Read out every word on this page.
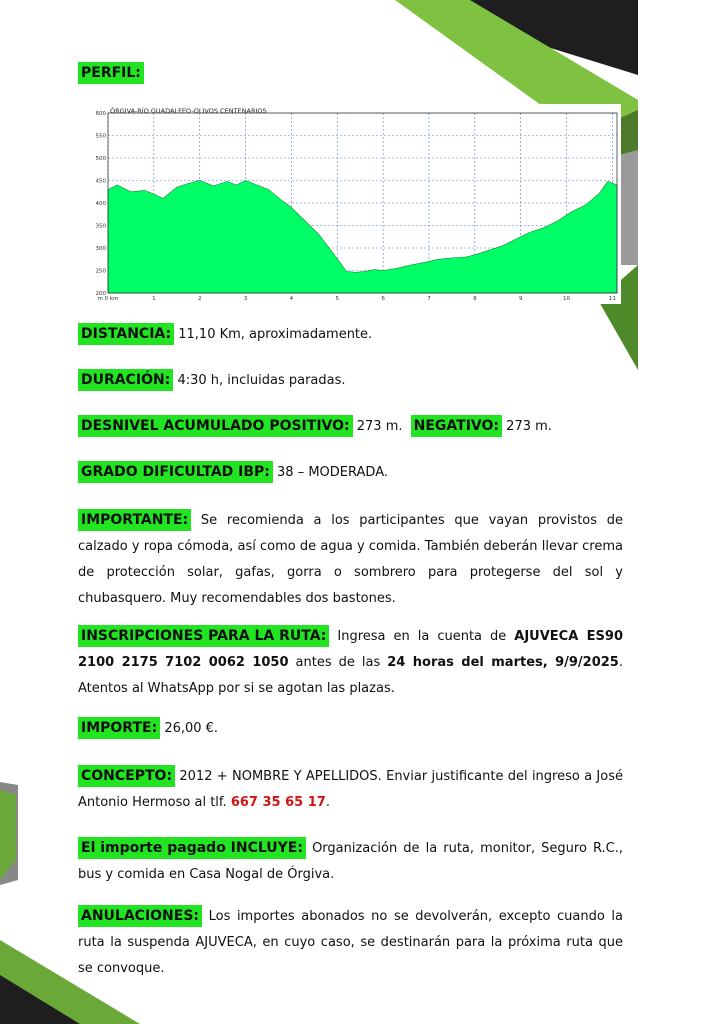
PERFIL:
ÓRGIVA-RÍO GUADALFEO-OLIVOS CENTENARIOS
200
250
300
350
400
450
500
550
600
m 0 km	1	2	3	4	5	6	7	8	9	10	11
DISTANCIA: 11,10 Km, aproximadamente.
DURACIÓN: 4:30 h, incluidas paradas.
DESNIVEL ACUMULADO POSITIVO: 273 m. NEGATIVO: 273 m.
GRADO DIFICULTAD IBP: 38 – MODERADA.
IMPORTANTE: Se recomienda a los participantes que vayan provistos de calzado y ropa cómoda, así como de agua y comida. También deberán llevar crema de protección solar, gafas, gorra o sombrero para protegerse del sol y chubasquero. Muy recomendables dos bastones.
INSCRIPCIONES PARA LA RUTA: Ingresa en la cuenta de AJUVECA ES90 2100 2175 7102 0062 1050 antes de las 24 horas del martes, 9/9/2025. Atentos al WhatsApp por si se agotan las plazas.
IMPORTE: 26,00 €.
CONCEPTO: 2012 + NOMBRE Y APELLIDOS. Enviar justificante del ingreso a José Antonio Hermoso al tlf. 667 35 65 17.
El importe pagado INCLUYE: Organización de la ruta, monitor, Seguro R.C., bus y comida en Casa Nogal de Órgiva.
ANULACIONES: Los importes abonados no se devolverán, excepto cuando la ruta la suspenda AJUVECA, en cuyo caso, se destinarán para la próxima ruta que se convoque.
